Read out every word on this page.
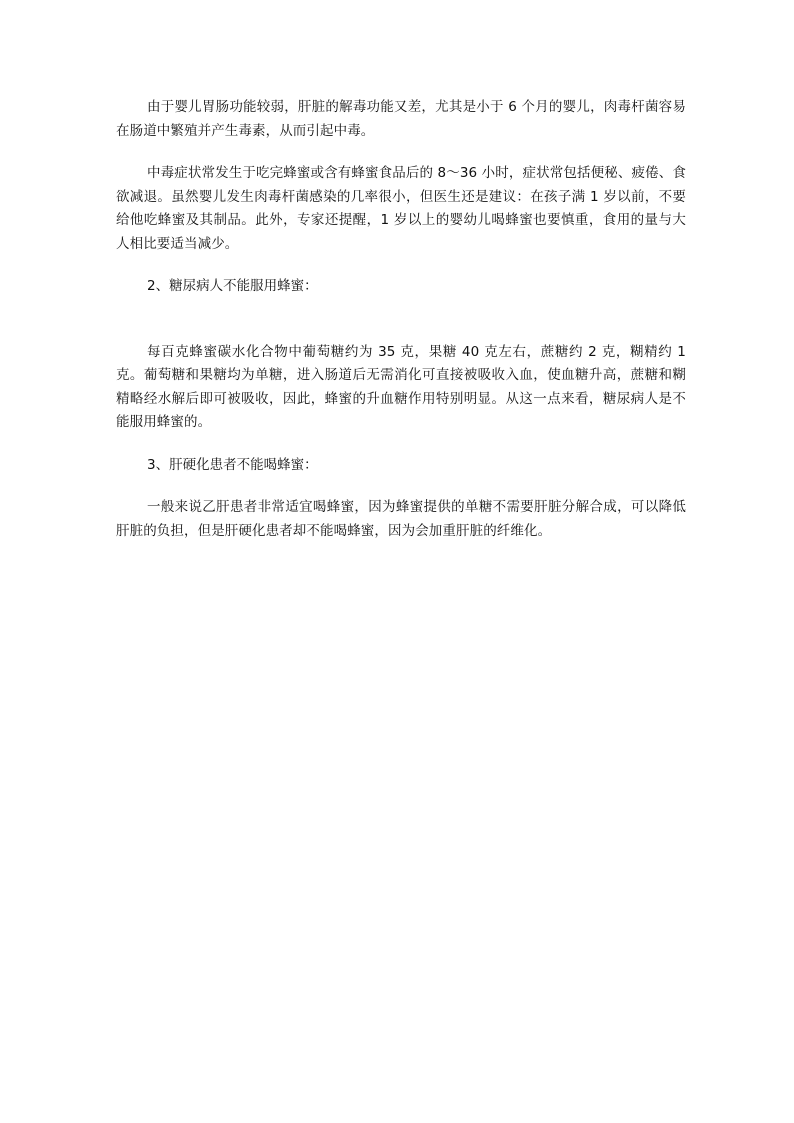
由于婴儿胃肠功能较弱，肝脏的解毒功能又差，尤其是小于 6 个月的婴儿，肉毒杆菌容易在肠道中繁殖并产生毒素，从而引起中毒。

中毒症状常发生于吃完蜂蜜或含有蜂蜜食品后的 8～36 小时，症状常包括便秘、疲倦、食欲减退。虽然婴儿发生肉毒杆菌感染的几率很小，但医生还是建议：在孩子满 1 岁以前，不要给他吃蜂蜜及其制品。此外，专家还提醒，1 岁以上的婴幼儿喝蜂蜜也要慎重，食用的量与大人相比要适当减少。

2、糖尿病人不能服用蜂蜜：

每百克蜂蜜碳水化合物中葡萄糖约为 35 克，果糖 40 克左右，蔗糖约 2 克，糊精约 1 克。葡萄糖和果糖均为单糖，进入肠道后无需消化可直接被吸收入血，使血糖升高，蔗糖和糊精略经水解后即可被吸收，因此，蜂蜜的升血糖作用特别明显。从这一点来看，糖尿病人是不能服用蜂蜜的。

3、肝硬化患者不能喝蜂蜜：

一般来说乙肝患者非常适宜喝蜂蜜，因为蜂蜜提供的单糖不需要肝脏分解合成，可以降低肝脏的负担，但是肝硬化患者却不能喝蜂蜜，因为会加重肝脏的纤维化。
